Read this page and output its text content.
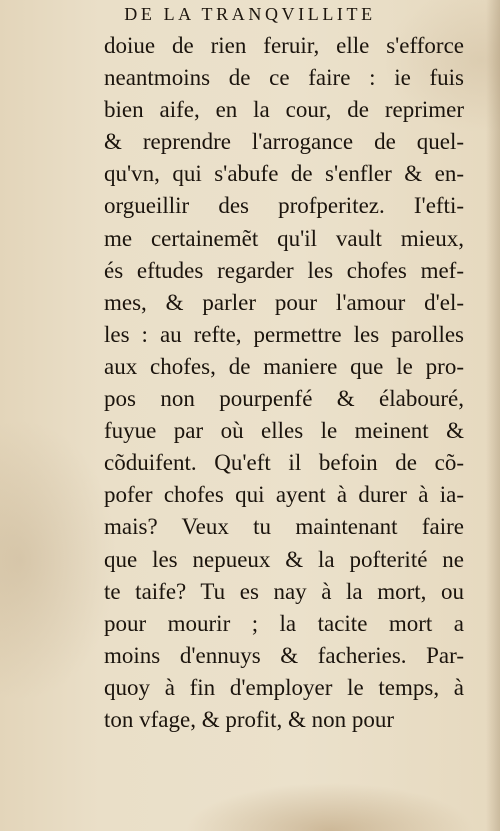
DE LA TRANQVILLITE
doiue de rien feruir, elle s'efforce
neantmoins de ce faire : ie fuis
bien aife, en la cour, de reprimer
& reprendre l'arrogance de quel-
qu'vn, qui s'abufe de s'enfler & en-
orgueillir des profperitez. I'efti-
me certainemẽt qu'il vault mieux,
és eftudes regarder les chofes mef-
mes, & parler pour l'amour d'el-
les : au refte, permettre les parolles
aux chofes, de maniere que le pro-
pos non pourpenfé & élabouré,
fuyue par où elles le meinent &
cõduifent. Qu'eft il befoin de cõ-
pofer chofes qui ayent à durer à ia-
mais? Veux tu maintenant faire
que les nepueux & la pofterité ne
te taife? Tu es nay à la mort, ou
pour mourir ; la tacite mort a
moins d'ennuys & facheries. Par-
quoy à fin d'employer le temps, à
ton vfage, & profit, & non pour
